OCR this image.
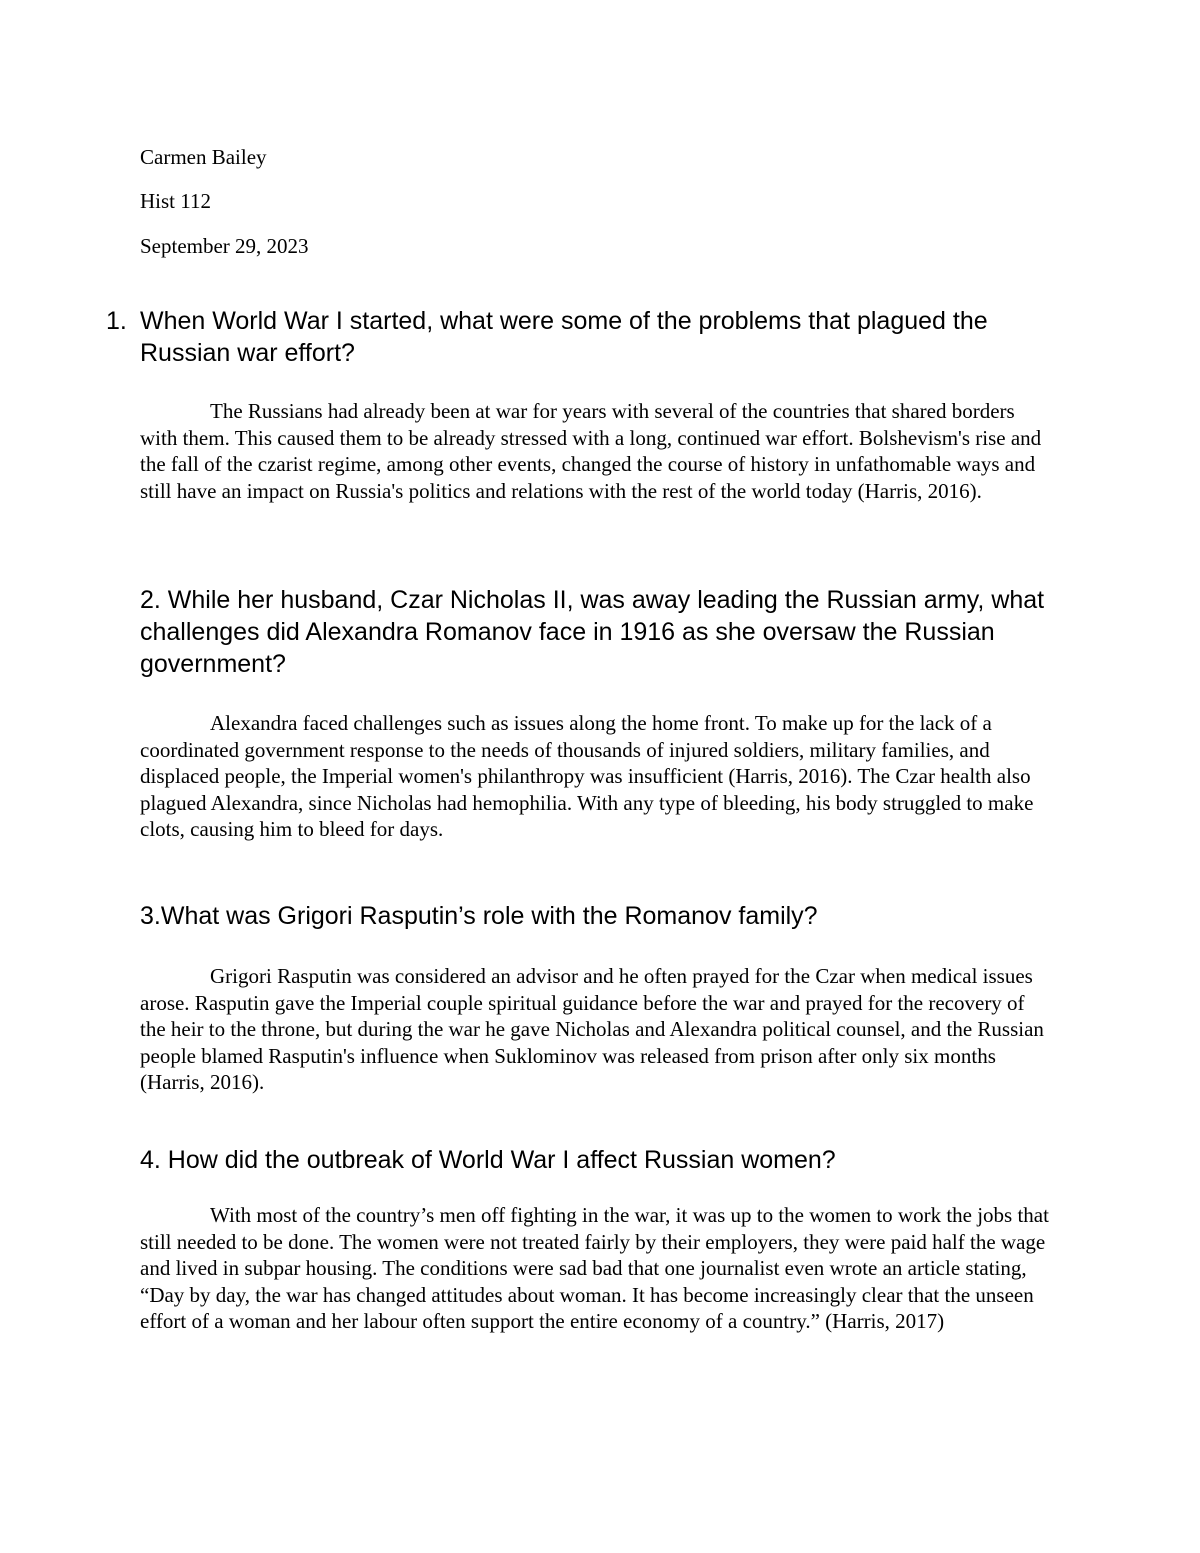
Carmen Bailey
Hist 112
September 29, 2023
1. When World War I started, what were some of the problems that plagued the Russian war effort?

The Russians had already been at war for years with several of the countries that shared borders with them. This caused them to be already stressed with a long, continued war effort. Bolshevism's rise and the fall of the czarist regime, among other events, changed the course of history in unfathomable ways and still have an impact on Russia's politics and relations with the rest of the world today (Harris, 2016).

2. While her husband, Czar Nicholas II, was away leading the Russian army, what challenges did Alexandra Romanov face in 1916 as she oversaw the Russian government?

Alexandra faced challenges such as issues along the home front. To make up for the lack of a coordinated government response to the needs of thousands of injured soldiers, military families, and displaced people, the Imperial women's philanthropy was insufficient (Harris, 2016). The Czar health also plagued Alexandra, since Nicholas had hemophilia. With any type of bleeding, his body struggled to make clots, causing him to bleed for days.

3.What was Grigori Rasputin’s role with the Romanov family?

Grigori Rasputin was considered an advisor and he often prayed for the Czar when medical issues arose. Rasputin gave the Imperial couple spiritual guidance before the war and prayed for the recovery of the heir to the throne, but during the war he gave Nicholas and Alexandra political counsel, and the Russian people blamed Rasputin's influence when Suklominov was released from prison after only six months (Harris, 2016).

4. How did the outbreak of World War I affect Russian women?

With most of the country’s men off fighting in the war, it was up to the women to work the jobs that still needed to be done. The women were not treated fairly by their employers, they were paid half the wage and lived in subpar housing. The conditions were sad bad that one journalist even wrote an article stating, “Day by day, the war has changed attitudes about woman. It has become increasingly clear that the unseen effort of a woman and her labour often support the entire economy of a country.” (Harris, 2017)
